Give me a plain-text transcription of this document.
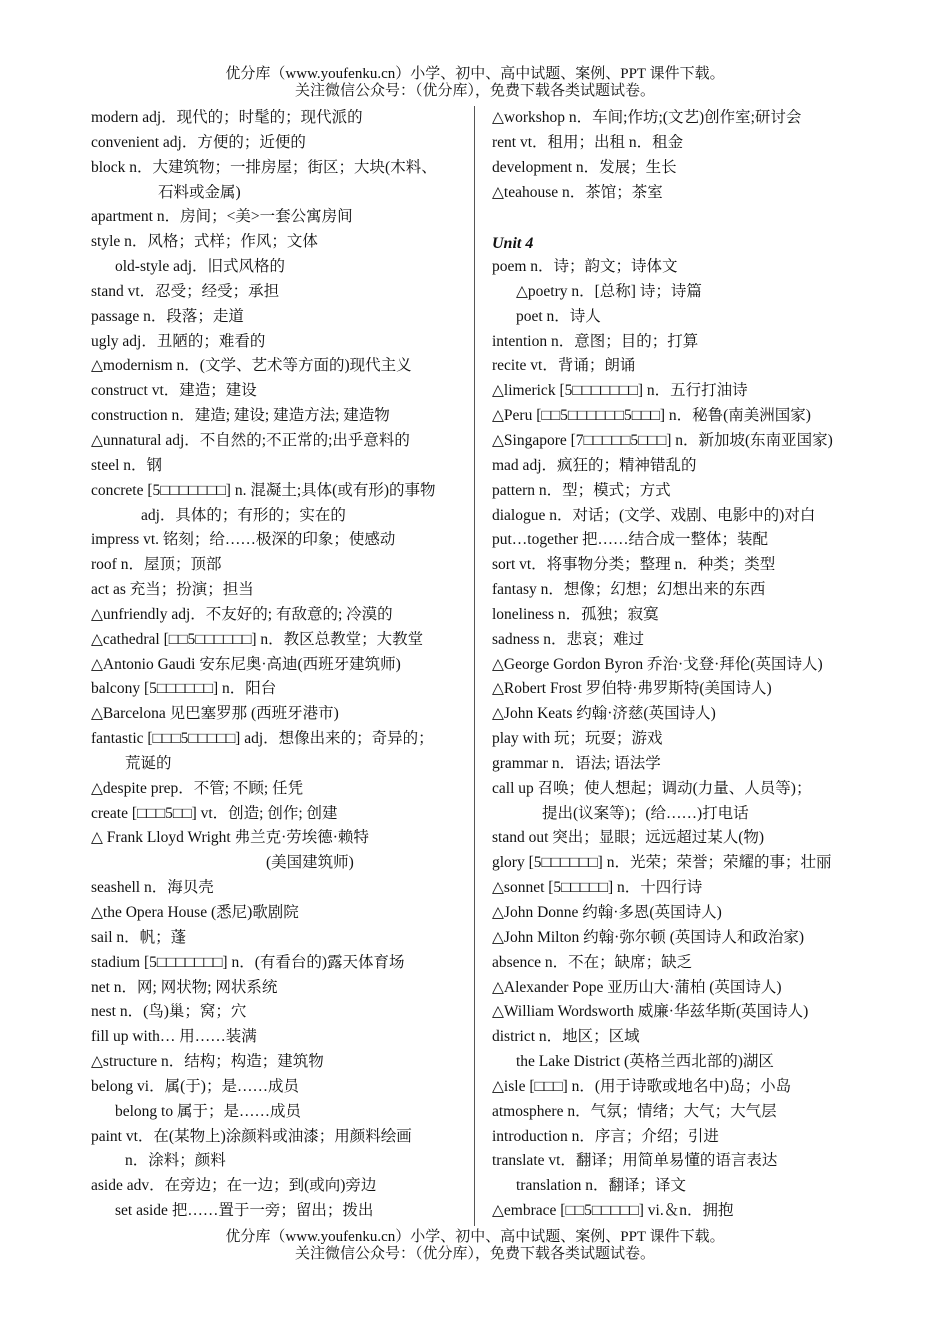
优分库（www.youfenku.cn）小学、初中、高中试题、案例、PPT 课件下载。
关注微信公众号：（优分库），免费下载各类试题试卷。
modern adj．现代的；时髦的；现代派的
convenient adj．方便的；近便的
block n．大建筑物；一排房屋；街区；大块(木料、
石料或金属)
apartment n．房间；<美>一套公寓房间
style n．风格；式样；作风；文体
old-style adj．旧式风格的
stand vt．忍受；经受；承担
passage n．段落；走道
ugly adj．丑陋的；难看的
△modernism n．(文学、艺术等方面的)现代主义
construct vt．建造；建设
construction n．建造; 建设; 建造方法; 建造物
△unnatural adj．不自然的;不正常的;出乎意料的
steel n．钢
concrete [5□□□□□□□] n. 混凝土;具体(或有形)的事物
adj．具体的；有形的；实在的
impress vt. 铭刻；给……极深的印象；使感动
roof n．屋顶；顶部
act as 充当；扮演；担当
△unfriendly adj．不友好的; 有敌意的; 冷漠的
△cathedral [□□5□□□□□□] n．教区总教堂；大教堂
△Antonio Gaudi 安东尼奥·高迪(西班牙建筑师)
balcony [5□□□□□□] n．阳台
△Barcelona 见巴塞罗那 (西班牙港市)
fantastic [□□□5□□□□□] adj．想像出来的；奇异的；
荒诞的
△despite prep．不管; 不顾; 任凭
create [□□□5□□] vt．创造; 创作; 创建
△ Frank Lloyd Wright 弗兰克·劳埃德·赖特
(美国建筑师)
seashell n．海贝壳
△the Opera House (悉尼)歌剧院
sail n．帆；蓬
stadium [5□□□□□□□] n．(有看台的)露天体育场
net n．网; 网状物; 网状系统
nest n．(鸟)巢；窝；穴
fill up with… 用……装满
△structure n．结构；构造；建筑物
belong vi．属(于)；是……成员
belong to 属于；是……成员
paint vt．在(某物上)涂颜料或油漆；用颜料绘画
n．涂料；颜料
aside adv．在旁边；在一边；到(或向)旁边
set aside 把……置于一旁；留出；拨出
△workshop n．车间;作坊;(文艺)创作室;研讨会
rent vt．租用；出租 n．租金
development n．发展；生长
△teahouse n．茶馆；茶室
Unit 4
poem n．诗；韵文；诗体文
△poetry n．[总称] 诗；诗篇
poet n．诗人
intention n．意图；目的；打算
recite vt．背诵；朗诵
△limerick [5□□□□□□□] n．五行打油诗
△Peru [□□5□□□□□□5□□□] n．秘鲁(南美洲国家)
△Singapore [7□□□□□5□□□] n．新加坡(东南亚国家)
mad adj．疯狂的；精神错乱的
pattern n．型；模式；方式
dialogue n．对话；(文学、戏剧、电影中的)对白
put…together 把……结合成一整体；装配
sort vt．将事物分类；整理 n．种类；类型
fantasy n．想像；幻想；幻想出来的东西
loneliness n．孤独；寂寞
sadness n．悲哀；难过
△George Gordon Byron 乔治·戈登·拜伦(英国诗人)
△Robert Frost 罗伯特·弗罗斯特(美国诗人)
△John Keats 约翰·济慈(英国诗人)
play with 玩；玩耍；游戏
grammar n．语法; 语法学
call up 召唤；使人想起；调动(力量、人员等)；
提出(议案等)；(给……)打电话
stand out 突出；显眼；远远超过某人(物)
glory [5□□□□□□] n．光荣；荣誉；荣耀的事；壮丽
△sonnet [5□□□□□] n．十四行诗
△John Donne 约翰·多恩(英国诗人)
△John Milton 约翰·弥尔顿 (英国诗人和政治家)
absence n．不在；缺席；缺乏
△Alexander Pope 亚历山大·蒲柏 (英国诗人)
△William Wordsworth 威廉·华兹华斯(英国诗人)
district n．地区；区域
the Lake District (英格兰西北部的)湖区
△isle [□□□] n．(用于诗歌或地名中)岛；小岛
atmosphere n．气氛；情绪；大气；大气层
introduction n．序言；介绍；引进
translate vt．翻译；用简单易懂的语言表达
translation n．翻译；译文
△embrace [□□5□□□□□] vi.＆n．拥抱
优分库（www.youfenku.cn）小学、初中、高中试题、案例、PPT 课件下载。
关注微信公众号：（优分库），免费下载各类试题试卷。
